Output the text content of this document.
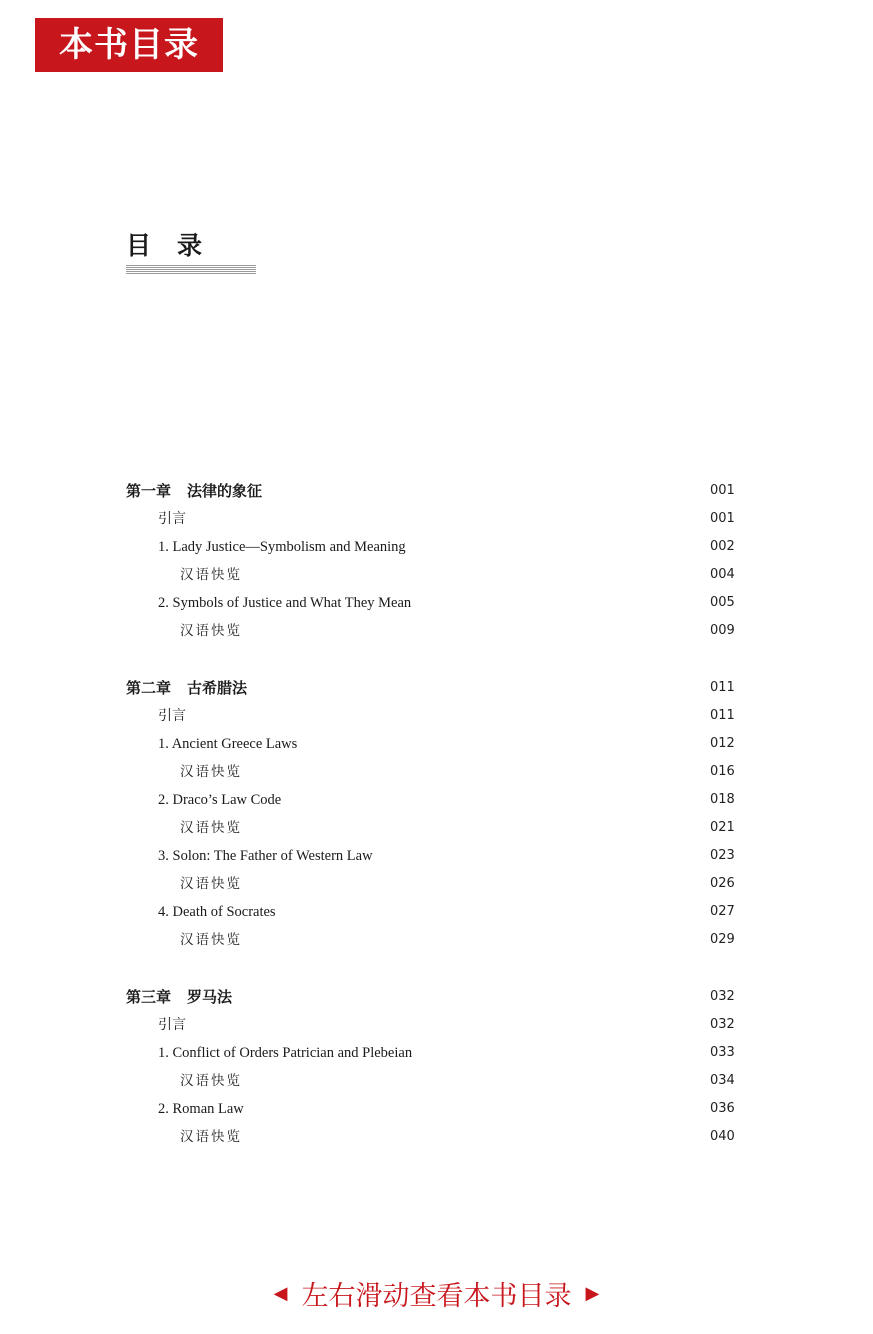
本书目录
目录
第一章 法律的象征	001
引言	001
1. Lady Justice—Symbolism and Meaning	002
汉语快览	004
2. Symbols of Justice and What They Mean	005
汉语快览	009
第二章 古希腊法	011
引言	011
1. Ancient Greece Laws	012
汉语快览	016
2. Draco’s Law Code	018
汉语快览	021
3. Solon: The Father of Western Law	023
汉语快览	026
4. Death of Socrates	027
汉语快览	029
第三章 罗马法	032
引言	032
1. Conflict of Orders Patrician and Plebeian	033
汉语快览	034
2. Roman Law	036
汉语快览	040
◀ 左右滑动查看本书目录 ▶
